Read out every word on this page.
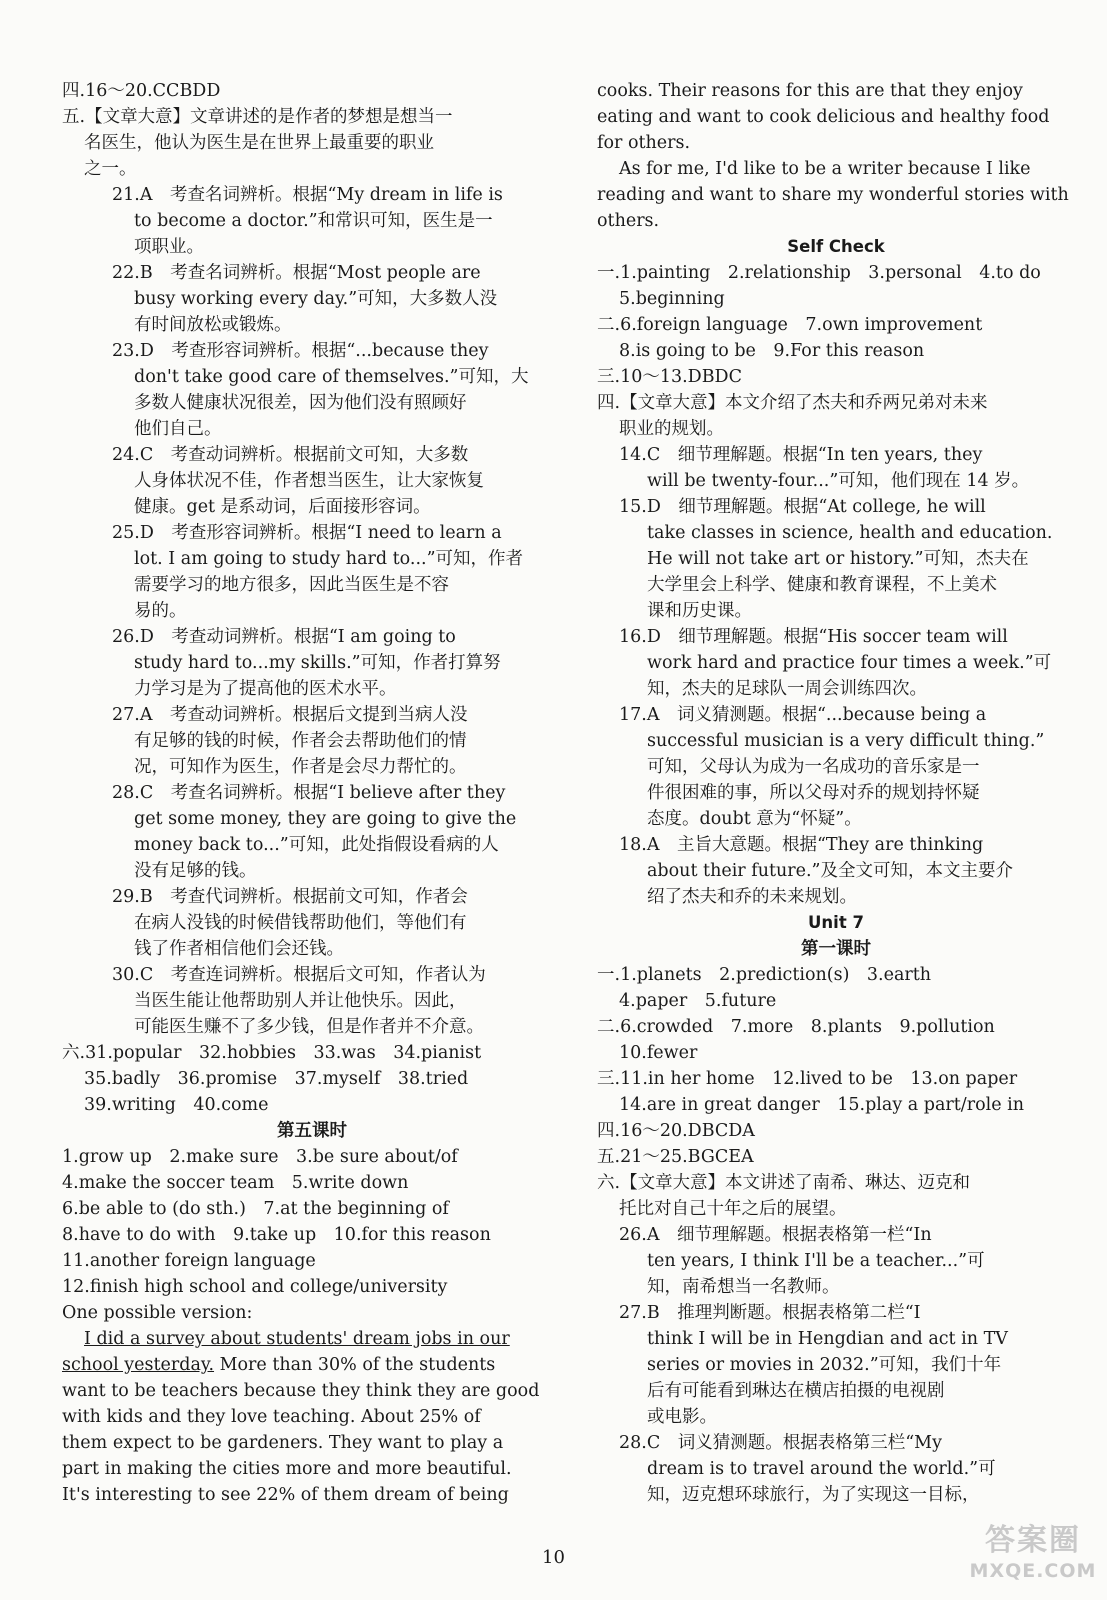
四.16～20.CCBDD
五.【文章大意】文章讲述的是作者的梦想是想当一
名医生，他认为医生是在世界上最重要的职业
之一。
21.A　考查名词辨析。根据“My dream in life is
to become a doctor.”和常识可知，医生是一
项职业。
22.B　考查名词辨析。根据“Most people are
busy working every day.”可知，大多数人没
有时间放松或锻炼。
23.D　考查形容词辨析。根据“...because they
don't take good care of themselves.”可知，大
多数人健康状况很差，因为他们没有照顾好
他们自己。
24.C　考查动词辨析。根据前文可知，大多数
人身体状况不佳，作者想当医生，让大家恢复
健康。get 是系动词，后面接形容词。
25.D　考查形容词辨析。根据“I need to learn a
lot. I am going to study hard to...”可知，作者
需要学习的地方很多，因此当医生是不容
易的。
26.D　考查动词辨析。根据“I am going to
study hard to...my skills.”可知，作者打算努
力学习是为了提高他的医术水平。
27.A　考查动词辨析。根据后文提到当病人没
有足够的钱的时候，作者会去帮助他们的情
况，可知作为医生，作者是会尽力帮忙的。
28.C　考查名词辨析。根据“I believe after they
get some money, they are going to give the
money back to...”可知，此处指假设看病的人
没有足够的钱。
29.B　考查代词辨析。根据前文可知，作者会
在病人没钱的时候借钱帮助他们，等他们有
钱了作者相信他们会还钱。
30.C　考查连词辨析。根据后文可知，作者认为
当医生能让他帮助别人并让他快乐。因此，
可能医生赚不了多少钱，但是作者并不介意。
六.31.popular　32.hobbies　33.was　34.pianist
35.badly　36.promise　37.myself　38.tried
39.writing　40.come
第五课时
1.grow up　2.make sure　3.be sure about/of
4.make the soccer team　5.write down
6.be able to (do sth.)　7.at the beginning of
8.have to do with　9.take up　10.for this reason
11.another foreign language
12.finish high school and college/university
One possible version:
I did a survey about students' dream jobs in our
school yesterday. More than 30% of the students
want to be teachers because they think they are good
with kids and they love teaching. About 25% of
them expect to be gardeners. They want to play a
part in making the cities more and more beautiful.
It's interesting to see 22% of them dream of being
cooks. Their reasons for this are that they enjoy
eating and want to cook delicious and healthy food
for others.
As for me, I'd like to be a writer because I like
reading and want to share my wonderful stories with
others.
Self Check
一.1.painting　2.relationship　3.personal　4.to do
5.beginning
二.6.foreign language　7.own improvement
8.is going to be　9.For this reason
三.10～13.DBDC
四.【文章大意】本文介绍了杰夫和乔两兄弟对未来
职业的规划。
14.C　细节理解题。根据“In ten years, they
will be twenty-four...”可知，他们现在 14 岁。
15.D　细节理解题。根据“At college, he will
take classes in science, health and education.
He will not take art or history.”可知，杰夫在
大学里会上科学、健康和教育课程，不上美术
课和历史课。
16.D　细节理解题。根据“His soccer team will
work hard and practice four times a week.”可
知，杰夫的足球队一周会训练四次。
17.A　词义猜测题。根据“...because being a
successful musician is a very difficult thing.”
可知，父母认为成为一名成功的音乐家是一
件很困难的事，所以父母对乔的规划持怀疑
态度。doubt 意为“怀疑”。
18.A　主旨大意题。根据“They are thinking
about their future.”及全文可知，本文主要介
绍了杰夫和乔的未来规划。
Unit 7
第一课时
一.1.planets　2.prediction(s)　3.earth
4.paper　5.future
二.6.crowded　7.more　8.plants　9.pollution
10.fewer
三.11.in her home　12.lived to be　13.on paper
14.are in great danger　15.play a part/role in
四.16～20.DBCDA
五.21～25.BGCEA
六.【文章大意】本文讲述了南希、琳达、迈克和
托比对自己十年之后的展望。
26.A　细节理解题。根据表格第一栏“In
ten years, I think I'll be a teacher...”可
知，南希想当一名教师。
27.B　推理判断题。根据表格第二栏“I
think I will be in Hengdian and act in TV
series or movies in 2032.”可知，我们十年
后有可能看到琳达在横店拍摄的电视剧
或电影。
28.C　词义猜测题。根据表格第三栏“My
dream is to travel around the world.”可
知，迈克想环球旅行，为了实现这一目标，
10	答案圈
MXQE.COM
